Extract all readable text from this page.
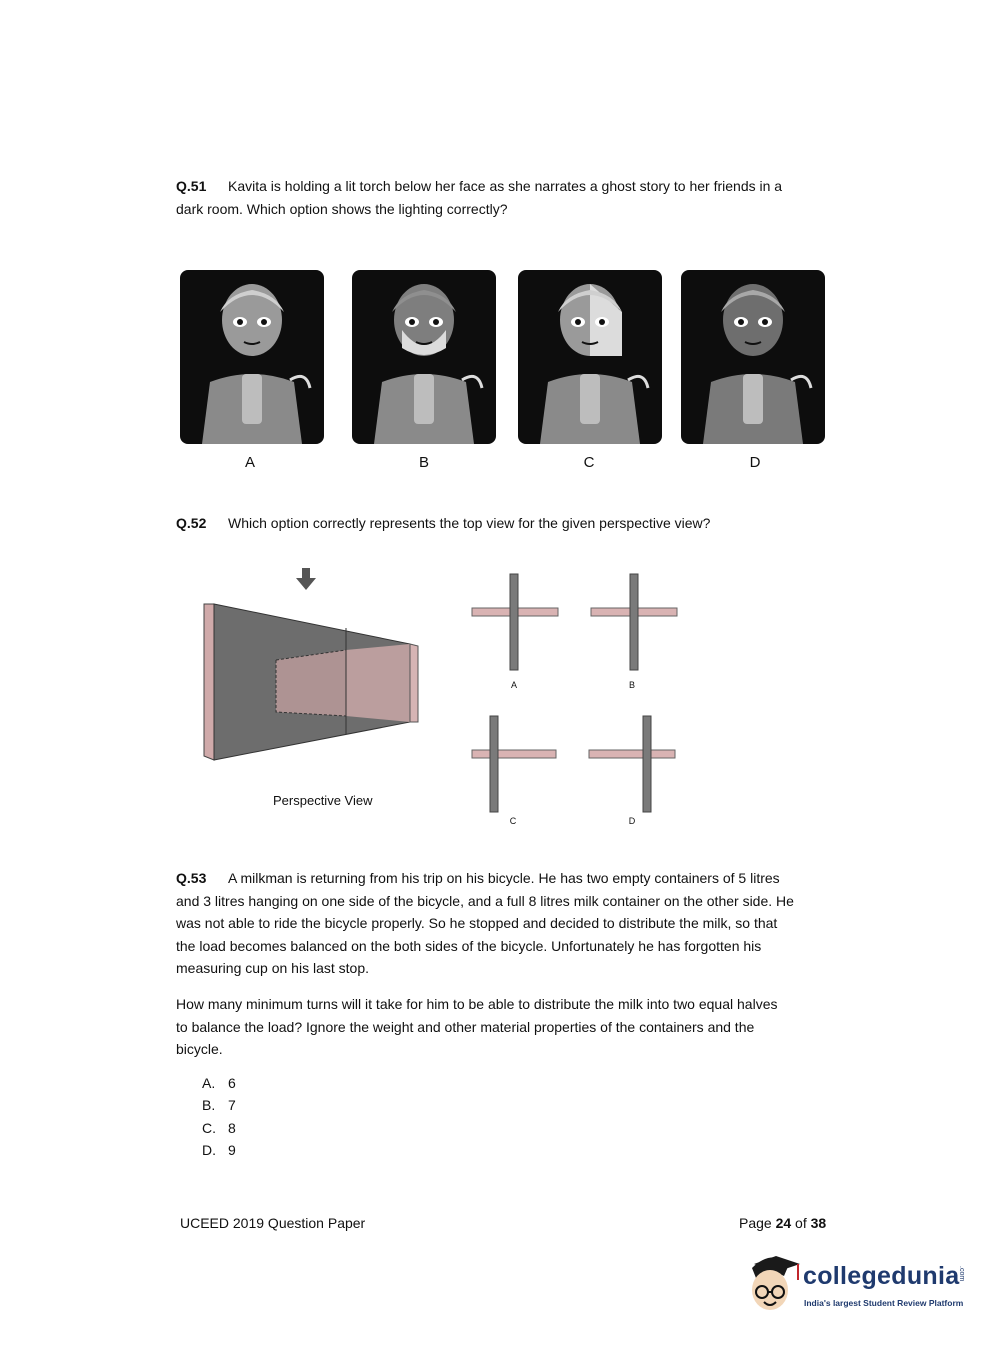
Q.51 Kavita is holding a lit torch below her face as she narrates a ghost story to her friends in a
dark room. Which option shows the lighting correctly?
A	B	C	D
Q.52 Which option correctly represents the top view for the given perspective view?
Perspective View
A	B
C	D
Q.53 A milkman is returning from his trip on his bicycle. He has two empty containers of 5 litres
and 3 litres hanging on one side of the bicycle, and a full 8 litres milk container on the other side. He
was not able to ride the bicycle properly. So he stopped and decided to distribute the milk, so that
the load becomes balanced on the both sides of the bicycle. Unfortunately he has forgotten his
measuring cup on his last stop.
How many minimum turns will it take for him to be able to distribute the milk into two equal halves
to balance the load? Ignore the weight and other material properties of the containers and the
bicycle.
A. 6
B. 7
C. 8
D. 9
UCEED 2019 Question Paper	Page 24 of 38
collegedunia
.com
India's largest Student Review Platform
